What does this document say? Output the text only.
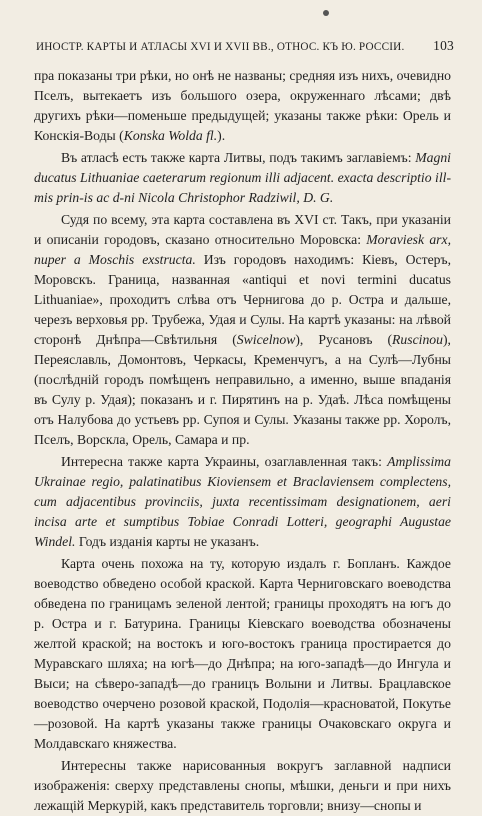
ИНОСТР. КАРТЫ И АТЛАСЫ XVI И XVII ВВ., ОТНОС. КЪ Ю. РОССІИ. 103

пра показаны три рѣки, но онѣ не названы; средняя изъ нихъ, очевидно Пселъ, вытекаетъ изъ большого озера, окруженнаго лѣсами; двѣ другихъ рѣки—поменьше предыдущей; указаны также рѣки: Орель и Конскія-Воды (Konska Wolda fl.).

Въ атласѣ есть также карта Литвы, подъ такимъ заглавіемъ: Magni ducatus Lithuaniae caeterarum regionum illi adjacent. exacta descriptio ill-mis prin-is ac d-ni Nicola Christophor Radziwil, D. G.

Судя по всему, эта карта составлена въ XVI ст. Такъ, при указаніи и описаніи городовъ, сказано относительно Моровска: Moraviesk arx, nuper a Moschis exstructa. Изъ городовъ находимъ: Кіевъ, Остеръ, Моровскъ. Граница, названная «antiqui et novi termini ducatus Lithuaniae», проходитъ слѣва отъ Чернигова до р. Остра и дальше, черезъ верховья рр. Трубежа, Удая и Сулы. На картѣ указаны: на лѣвой сторонѣ Днѣпра—Свѣтильня (Swicelnow), Русановъ (Ruscinou), Переяславль, Домонтовъ, Черкасы, Кременчугъ, а на Сулѣ—Лубны (послѣдній городъ помѣщенъ неправильно, а именно, выше впаданія въ Сулу р. Удая); показанъ и г. Пирятинъ на р. Удаѣ. Лѣса помѣщены отъ Налубова до устьевъ рр. Супоя и Сулы. Указаны также рр. Хоролъ, Пселъ, Ворскла, Орель, Самара и пр.

Интересна также карта Украины, озаглавленная такъ: Amplissima Ukrainae regio, palatinatibus Kioviensem et Braclaviensem complectens, cum adjacentibus provinciis, juxta recentissimam designationem, aeri incisa arte et sumptibus Tobiae Conradi Lotteri, geographi Augustae Windel. Годъ изданія карты не указанъ.

Карта очень похожа на ту, которую издалъ г. Бопланъ. Каждое воеводство обведено особой краской. Карта Черниговскаго воеводства обведена по границамъ зеленой лентой; границы проходятъ на югъ до р. Остра и г. Батурина. Границы Кіевскаго воеводства обозначены желтой краской; на востокъ и юго-востокъ граница простирается до Муравскаго шляха; на югѣ—до Днѣпра; на юго-западѣ—до Ингула и Выси; на сѣверо-западѣ—до границъ Волыни и Литвы. Брацлавское воеводство очерчено розовой краской, Подолія—красноватой, Покутье—розовой. На картѣ указаны также границы Очаковскаго округа и Молдавскаго княжества.

Интересны также нарисованныя вокругъ заглавной надписи изображенія: сверху представлены снопы, мѣшки, деньги и при нихъ лежащій Меркурій, какъ представитель торговли; внизу—снопы и
